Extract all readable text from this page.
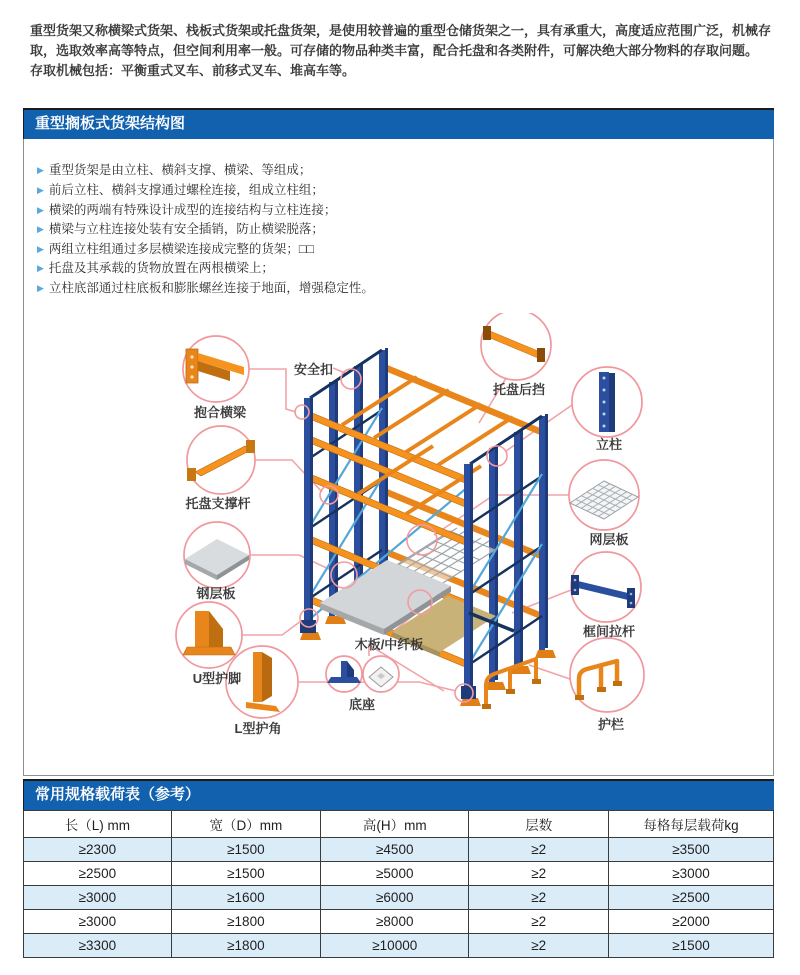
重型货架又称横梁式货架、栈板式货架或托盘货架，是使用较普遍的重型仓储货架之一，具有承重大，高度适应范围广泛，机械存取，选取效率高等特点，但空间利用率一般。可存储的物品种类丰富，配合托盘和各类附件，可解决绝大部分物料的存取问题。

存取机械包括：平衡重式叉车、前移式叉车、堆高车等。

重型搁板式货架结构图
▶ 重型货架是由立柱、横斜支撑、横梁、等组成；
▶ 前后立柱、横斜支撑通过螺栓连接，组成立柱组；
▶ 横梁的两端有特殊设计成型的连接结构与立柱连接；
▶ 横梁与立柱连接处装有安全插销，防止横梁脱落；
▶ 两组立柱组通过多层横梁连接成完整的货架；□□
▶ 托盘及其承载的货物放置在两根横梁上；
▶ 立柱底部通过柱底板和膨胀螺丝连接于地面，增强稳定性。
安全扣
抱合横梁
托盘支撑杆
钢层板
U型护脚
L型护角
底座
木板/中纤板
托盘后挡
立柱
网层板
框间拉杆
护栏
常用规格载荷表（参考）
长（L) mm	宽（D）mm	高(H）mm	层数	每格每层载荷kg
≥2300	≥1500	≥4500	≥2	≥3500
≥2500	≥1500	≥5000	≥2	≥3000
≥3000	≥1600	≥6000	≥2	≥2500
≥3000	≥1800	≥8000	≥2	≥2000
≥3300	≥1800	≥10000	≥2	≥1500
